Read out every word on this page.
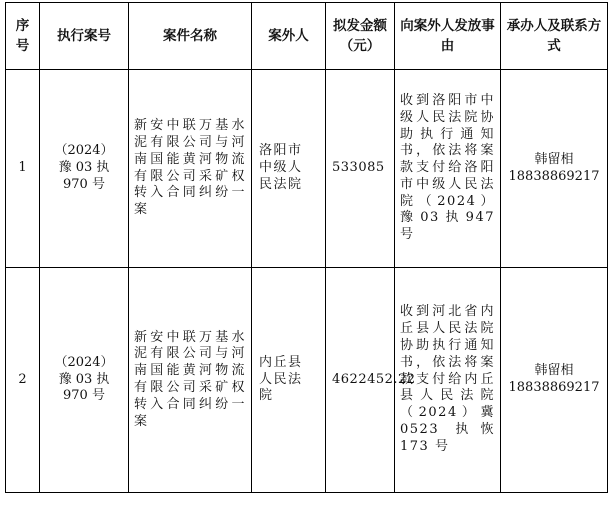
序号	执行案号	案件名称	案外人	拟发金额（元）	向案外人发放事由	承办人及联系方式
1	（2024）豫 03 执 970 号	新安中联万基水泥有限公司与河南国能黄河物流有限公司采矿权转入合同纠纷一案	洛阳市中级人民法院	533085	收到洛阳市中级人民法院协助执行通知书，依法将案款支付给洛阳市中级人民法院（2024）豫 03 执 947 号	韩留相
18838869217
2	（2024）豫 03 执 970 号	新安中联万基水泥有限公司与河南国能黄河物流有限公司采矿权转入合同纠纷一案	内丘县人民法院	4622452.22	收到河北省内丘县人民法院协助执行通知书，依法将案款支付给内丘县人民法院（2024）冀 0523 执恢 173 号	韩留相
18838869217
